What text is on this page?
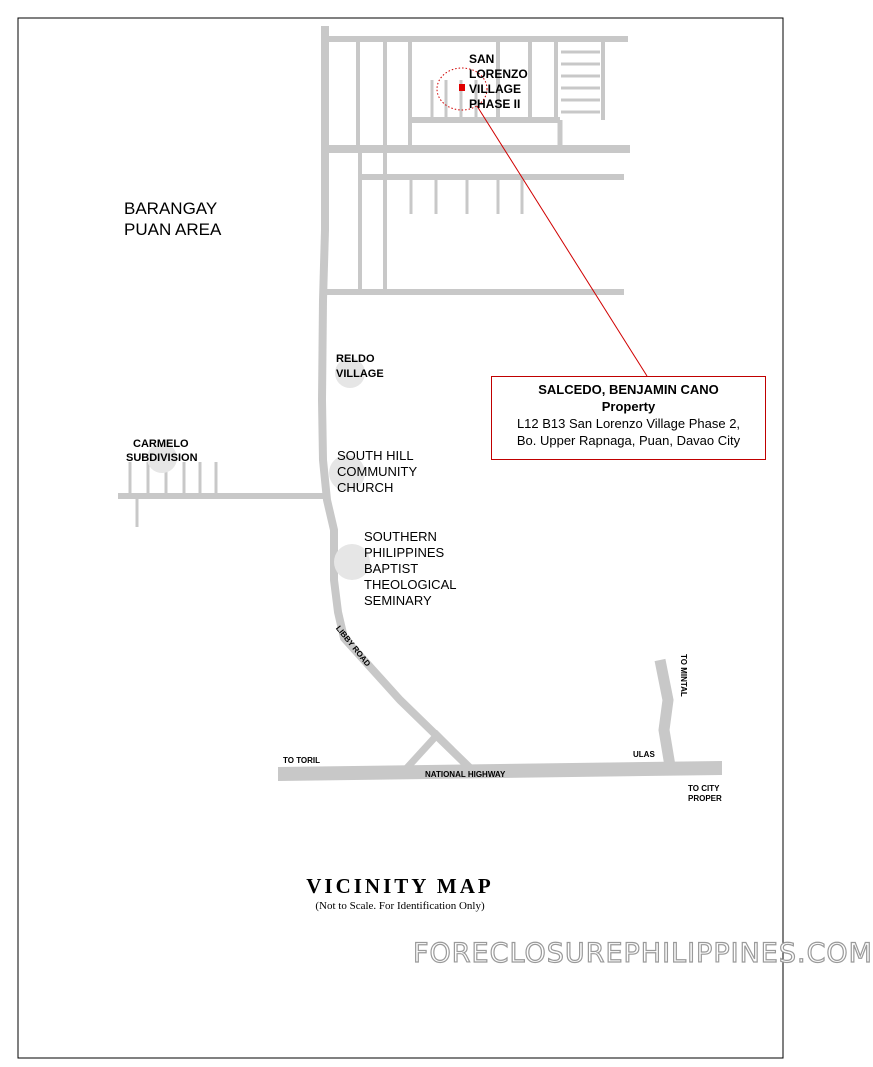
SAN
LORENZO
VILLAGE
PHASE II
BARANGAY
PUAN AREA
RELDO
VILLAGE
CARMELO
SUBDIVISION	SOUTH HILL
COMMUNITY
CHURCH
SOUTHERN
PHILIPPINES
BAPTIST
THEOLOGICAL
SEMINARY
LIBBY ROAD
TO TORIL
NATIONAL HIGHWAY
ULAS
TO MINTAL
TO CITY
PROPER
SALCEDO, BENJAMIN CANO
Property
L12 B13 San Lorenzo Village Phase 2,
Bo. Upper Rapnaga, Puan, Davao City
VICINITY MAP
(Not to Scale. For Identification Only)
FORECLOSUREPHILIPPINES.COM
